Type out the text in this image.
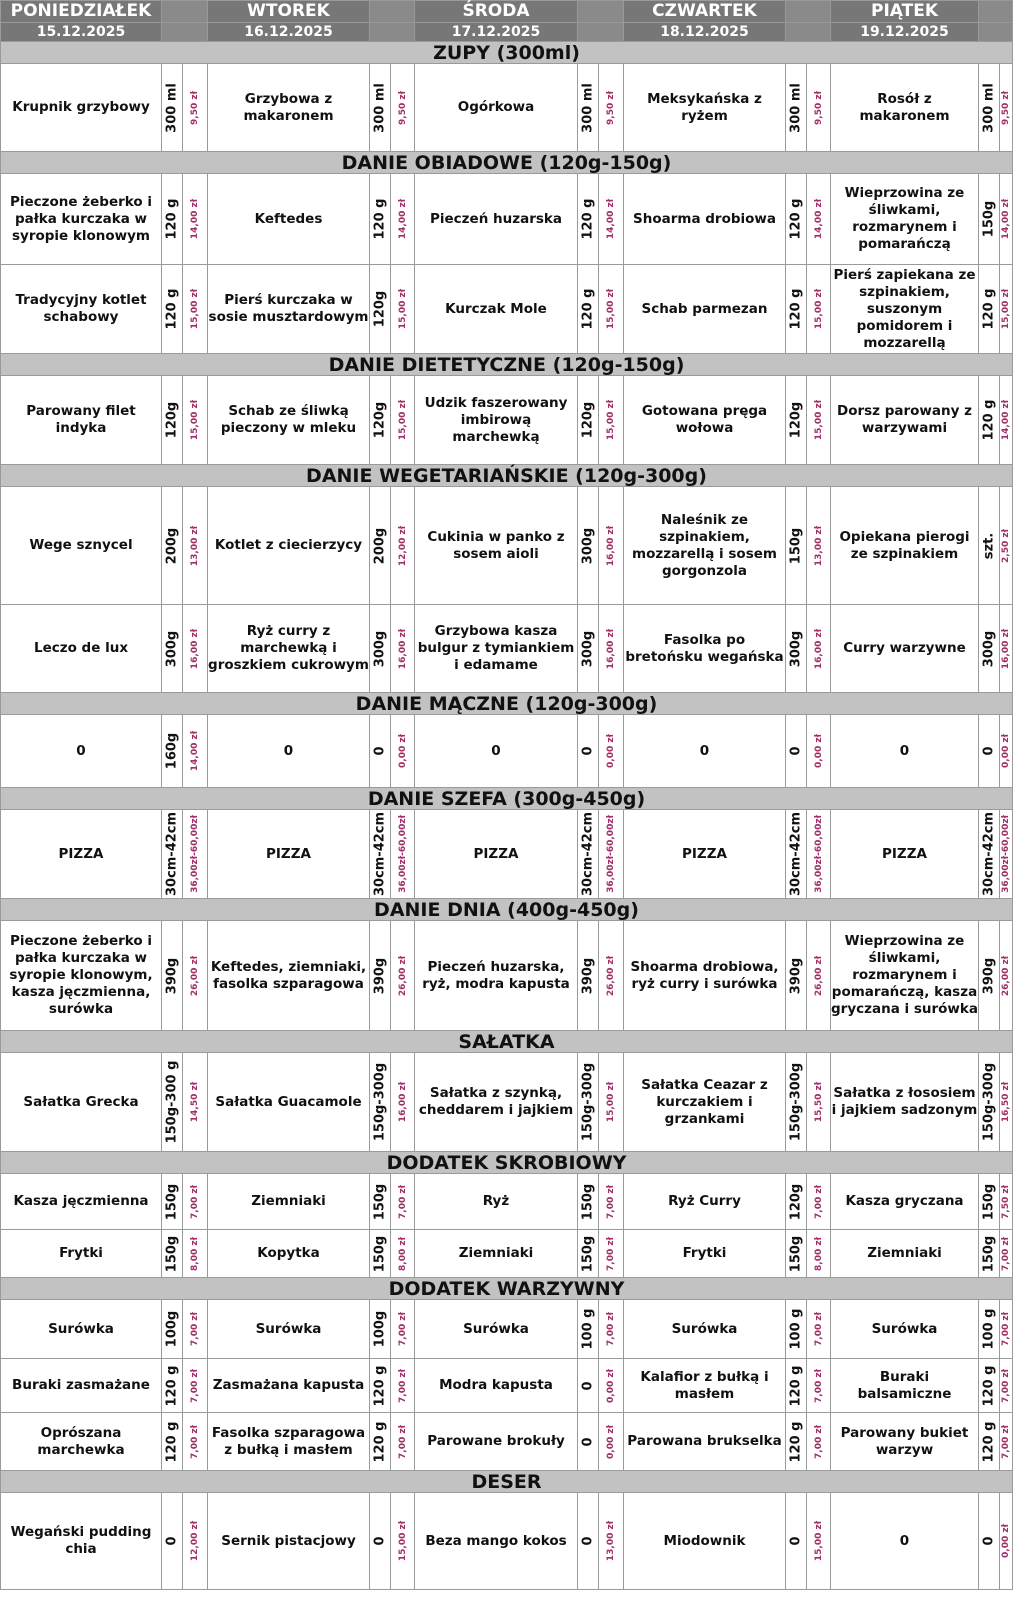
PONIEDZIAŁEK			WTOREK			ŚRODA			CZWARTEK			PIĄTEK		
15.12.2025			16.12.2025			17.12.2025			18.12.2025			19.12.2025		
ZUPY (300ml)														
Krupnik grzybowy	300 ml	9,50 zł	Grzybowa z makaronem	300 ml	9,50 zł	Ogórkowa	300 ml	9,50 zł	Meksykańska z ryżem	300 ml	9,50 zł	Rosół z makaronem	300 ml	9,50 zł

DANIE OBIADOWE (120g-150g)														
Pieczone żeberko i pałka kurczaka w syropie klonowym	120 g	14,00 zł	Keftedes	120 g	14,00 zł	Pieczeń huzarska	120 g	14,00 zł	Shoarma drobiowa	120 g	14,00 zł	Wieprzowina ze śliwkami, rozmarynem i pomarańczą	150g	14,00 zł

Tradycyjny kotlet schabowy	120 g	15,00 zł	Pierś kurczaka w sosie musztardowym	120g	15,00 zł	Kurczak Mole	120 g	15,00 zł	Schab parmezan	120 g	15,00 zł	Pierś zapiekana ze szpinakiem, suszonym pomidorem i mozzarellą	120 g	15,00 zł

DANIE DIETETYCZNE (120g-150g)														
Parowany filet indyka	120g	15,00 zł	Schab ze śliwką pieczony w mleku	120g	15,00 zł	Udzik faszerowany imbirową marchewką	120g	15,00 zł	Gotowana pręga wołowa	120g	15,00 zł	Dorsz parowany z warzywami	120 g	14,00 zł

DANIE WEGETARIAŃSKIE (120g-300g)														
Wege sznycel	200g	13,00 zł	Kotlet z ciecierzycy	200g	12,00 zł	Cukinia w panko z sosem aioli	300g	16,00 zł	Naleśnik ze szpinakiem, mozzarellą i sosem gorgonzola	150g	13,00 zł	Opiekana pierogi ze szpinakiem	szt.	2,50 zł

Leczo de lux	300g	16,00 zł	Ryż curry z marchewką i groszkiem cukrowym	300g	16,00 zł	Grzybowa kasza bulgur z tymiankiem i edamame	300g	16,00 zł	Fasolka po bretońsku wegańska	300g	16,00 zł	Curry warzywne	300g	16,00 zł

DANIE MĄCZNE (120g-300g)														
0	160g	14,00 zł	0	0	0,00 zł	0	0	0,00 zł	0	0	0,00 zł	0	0	0,00 zł

DANIE SZEFA (300g-450g)														
PIZZA	30cm-42cm	36,00zł-60,00zł	PIZZA	30cm-42cm	36,00zł-60,00zł	PIZZA	30cm-42cm	36,00zł-60,00zł	PIZZA	30cm-42cm	36,00zł-60,00zł	PIZZA	30cm-42cm	36,00zł-60,00zł

DANIE DNIA (400g-450g)														
Pieczone żeberko i pałka kurczaka w syropie klonowym, kasza jęczmienna, surówka	390g	26,00 zł	Keftedes, ziemniaki, fasolka szparagowa	390g	26,00 zł	Pieczeń huzarska, ryż, modra kapusta	390g	26,00 zł	Shoarma drobiowa, ryż curry i surówka	390g	26,00 zł	Wieprzowina ze śliwkami, rozmarynem i pomarańczą, kasza gryczana i surówka	390g	26,00 zł

SAŁATKA														
Sałatka Grecka	150g-300 g	14,50 zł	Sałatka Guacamole	150g-300g	16,00 zł	Sałatka z szynką, cheddarem i jajkiem	150g-300g	15,00 zł	Sałatka Ceazar z kurczakiem i grzankami	150g-300g	15,50 zł	Sałatka z łososiem i jajkiem sadzonym	150g-300g	16,50 zł

DODATEK SKROBIOWY														
Kasza jęczmienna	150g	7,00 zł	Ziemniaki	150g	7,00 zł	Ryż	150g	7,00 zł	Ryż Curry	120g	7,00 zł	Kasza gryczana	150g	7,50 zł

Frytki	150g	8,00 zł	Kopytka	150g	8,00 zł	Ziemniaki	150g	7,00 zł	Frytki	150g	8,00 zł	Ziemniaki	150g	7,00 zł

DODATEK WARZYWNY														
Surówka	100g	7,00 zł	Surówka	100g	7,00 zł	Surówka	100 g	7,00 zł	Surówka	100 g	7,00 zł	Surówka	100 g	7,00 zł

Buraki zasmażane	120 g	7,00 zł	Zasmażana kapusta	120 g	7,00 zł	Modra kapusta	0	0,00 zł	Kalafior z bułką i masłem	120 g	7,00 zł	Buraki balsamiczne	120 g	7,00 zł

Oprószana marchewka	120 g	7,00 zł	Fasolka szparagowa z bułką i masłem	120 g	7,00 zł	Parowane brokuły	0	0,00 zł	Parowana brukselka	120 g	7,00 zł	Parowany bukiet warzyw	120 g	7,00 zł

DESER														
Wegański pudding chia	0	12,00 zł	Sernik pistacjowy	0	15,00 zł	Beza mango kokos	0	13,00 zł	Miodownik	0	15,00 zł	0	0	0,00 zł
